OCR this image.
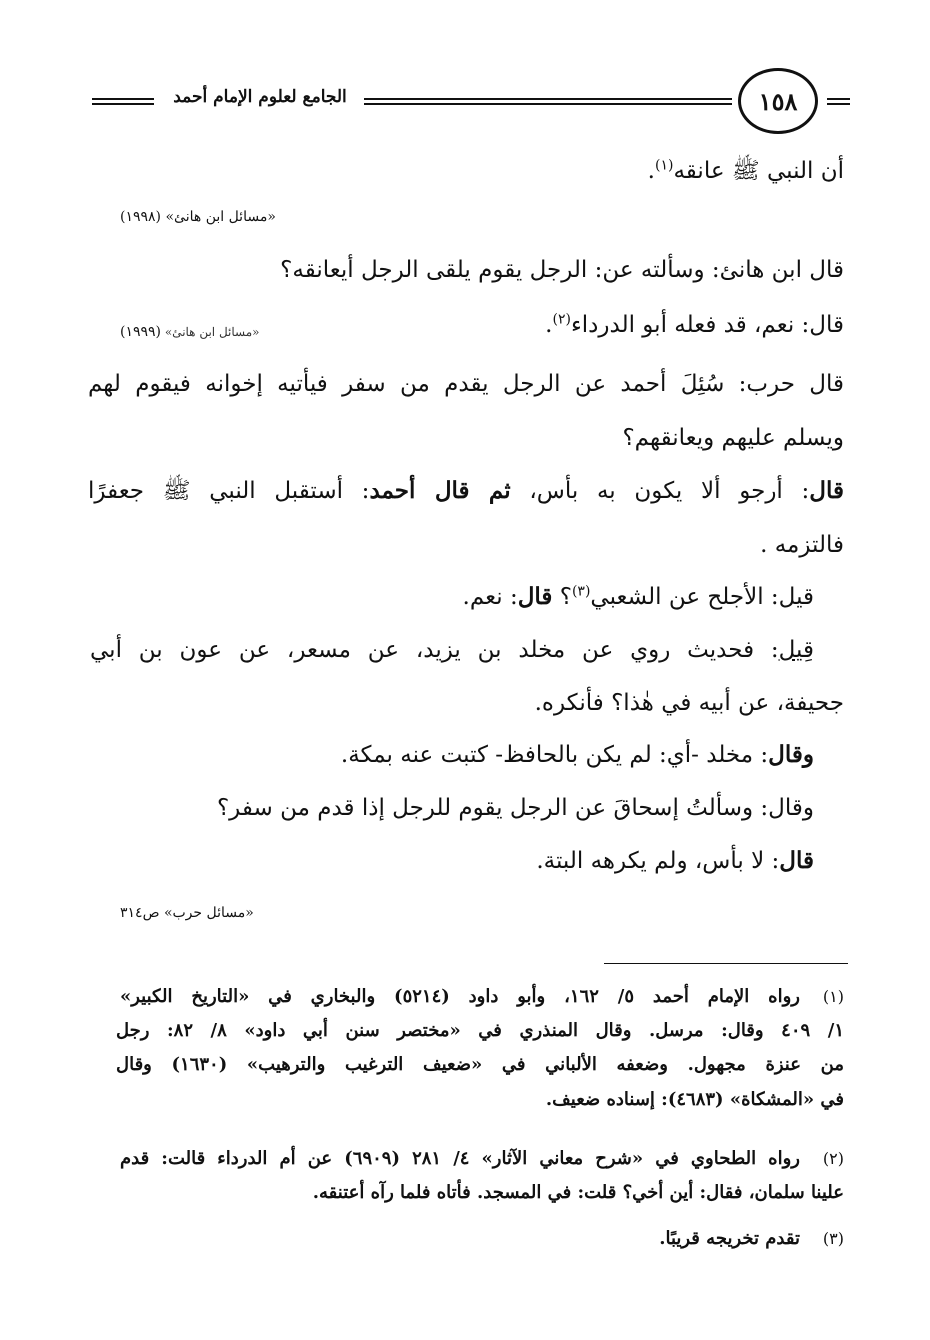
الجامع لعلوم الإمام أحمد	١٥٨
أن النبي ﷺ عانقه$^{(١)}$.
«مسائل ابن هانئ» (١٩٩٨)
قال ابن هانئ: وسألته عن: الرجل يقوم يلقى الرجل أيعانقه؟
قال: نعم، قد فعله أبو الدرداء$^{(٢)}$.
«مسائل ابن هانئ» (١٩٩٩)
قال حرب: سُئِلَ أحمد عن الرجل يقدم من سفر فيأتيه إخوانه فيقوم لهم
ويسلم عليهم ويعانقهم؟
قال: أرجو ألا يكون به بأس، ثم قال أحمد: أستقبل النبي ﷺ جعفرًا
فالتزمه .
قيل: الأجلح عن الشعبي$^{(٣)}$؟ قال: نعم.
قِيل: فحديث روي عن مخلد بن يزيد، عن مسعر، عن عون بن أبي
جحيفة، عن أبيه في هٰذا؟ فأنكره.
وقال: مخلد -أي: لم يكن بالحافظ- كتبت عنه بمكة.
وقال: وسألتُ إسحاقَ عن الرجل يقوم للرجل إذا قدم من سفر؟
قال: لا بأس، ولم يكرهه البتة.
«مسائل حرب» ص٣١٤
(١)
رواه الإمام أحمد ٥/ ١٦٢، وأبو داود (٥٢١٤) والبخاري في «التاريخ الكبير»
١/ ٤٠٩ وقال: مرسل. وقال المنذري في «مختصر سنن أبي داود» ٨/ ٨٢: رجل
من عنزة مجهول. وضعفه الألباني في «ضعيف الترغيب والترهيب» (١٦٣٠) وقال
في «المشكاة» (٤٦٨٣): إسناده ضعيف.
(٢)
رواه الطحاوي في «شرح معاني الآثار» ٤/ ٢٨١ (٦٩٠٩) عن أم الدرداء قالت: قدم
علينا سلمان، فقال: أين أخي؟ قلت: في المسجد. فأتاه فلما رآه أعتنقه.
(٣)
تقدم تخريجه قريبًا.
